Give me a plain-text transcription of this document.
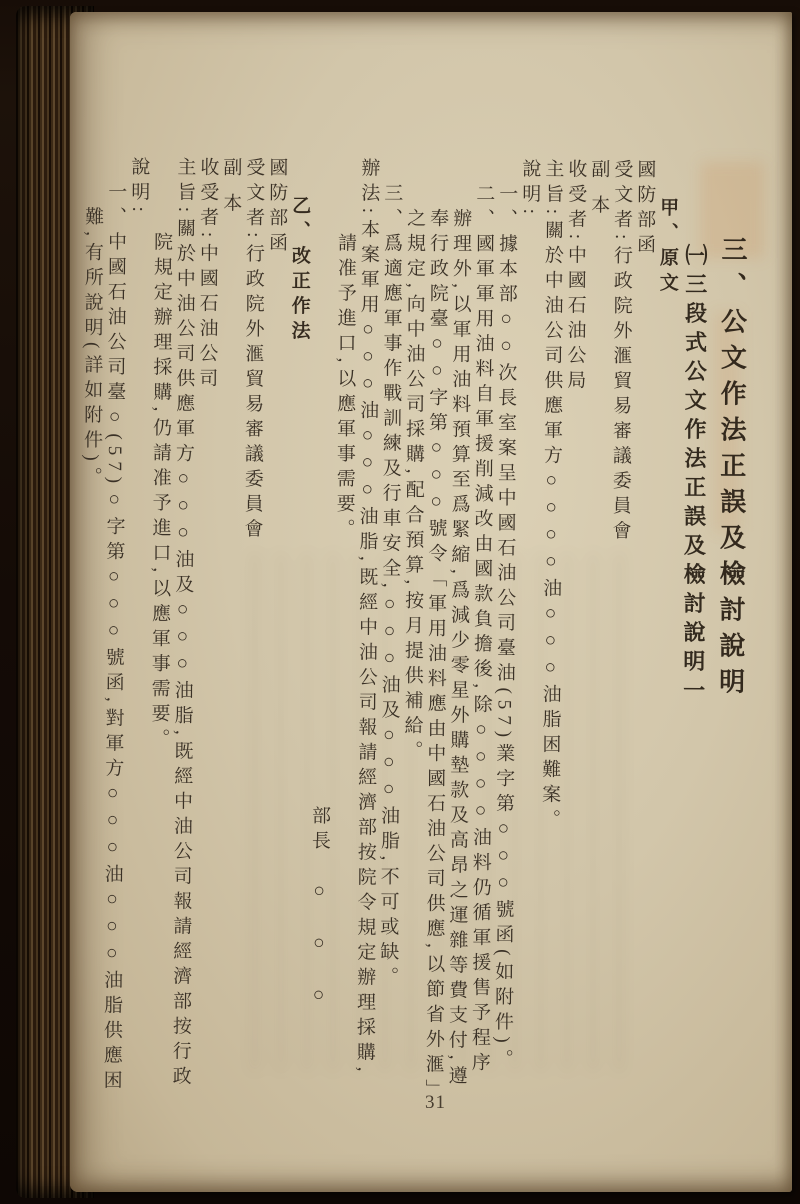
三、公文作法正誤及檢討說明
㈠三段式公文作法正誤及檢討說明一
甲、原文
國防部函
受文者:行政院外滙貿易審議委員會
副 本
收受者:
中國石油公局
主旨:關於中油公司供應軍方○○○○油○○○油脂困難案。
說明:
一、據本部○○次長室案呈中國石油公司臺油(57)業字第○○○號函(如附件)。
二、國軍軍用油料自軍援削減改由國款負擔後,除○○○○油料仍循軍援售予程序辦理外,以軍用油料預算至爲緊縮,爲減少零星外購墊款及高昂之運雜等費支付,遵奉行政院臺○○字第○○○號令「軍用油料應由中國石油公司供應,以節省外滙」之規定,向中油公司採購,配合預算,按月提供補給。
三、爲適應軍事作戰訓練及行車安全,○○○油及○○○油脂,不可或缺。
辦法:本案軍用○○○油○○○油脂,既經中油公司報請經濟部按院令規定辦理採購,請准予進口,以應軍事需要。
部長　○　○　○
乙、改正作法
國防部函
受文者:行政院外滙貿易審議委員會
副 本
收受者:
中國石油公司
主旨:關於中油公司供應軍方○○○油及○○○油脂,既經中油公司報請經濟部按行政院規定辦理採購,仍請准予進口,以應軍事需要。
說明:
一、中國石油公司臺○(57)○字第○○○號函,對軍方○○○油○○○油脂供應困難,有所說明(詳如附件)。
31
